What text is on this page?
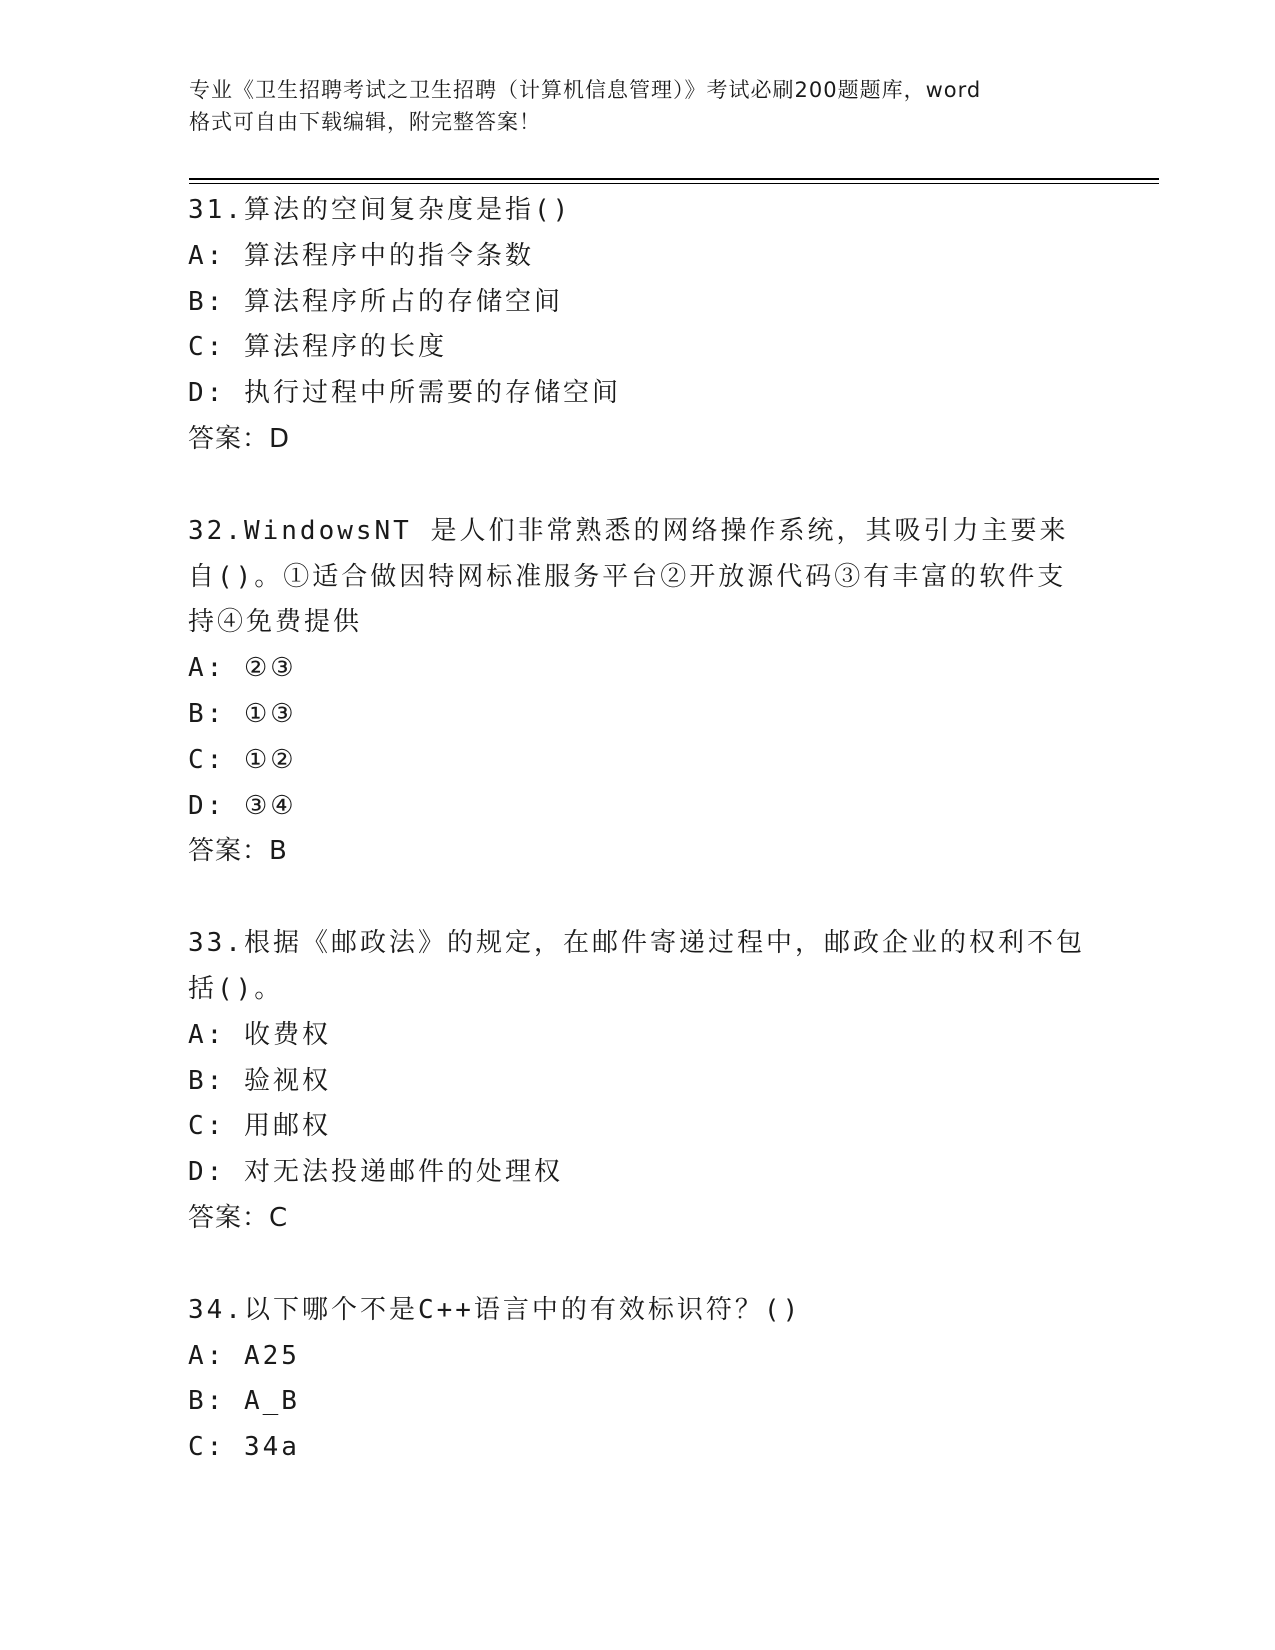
专业《卫生招聘考试之卫生招聘（计算机信息管理）》考试必刷200题题库，word
格式可自由下载编辑，附完整答案！
31.算法的空间复杂度是指()
A: 算法程序中的指令条数
B: 算法程序所占的存储空间
C: 算法程序的长度
D: 执行过程中所需要的存储空间
答案：D
32.WindowsNT 是人们非常熟悉的网络操作系统，其吸引力主要来自()。①适合做因特网标准服务平台②开放源代码③有丰富的软件支持④免费提供
A: ②③
B: ①③
C: ①②
D: ③④
答案：B
33.根据《邮政法》的规定，在邮件寄递过程中，邮政企业的权利不包括()。
A: 收费权
B: 验视权
C: 用邮权
D: 对无法投递邮件的处理权
答案：C
34.以下哪个不是C++语言中的有效标识符？()
A: A25
B: A_B
C: 34a
